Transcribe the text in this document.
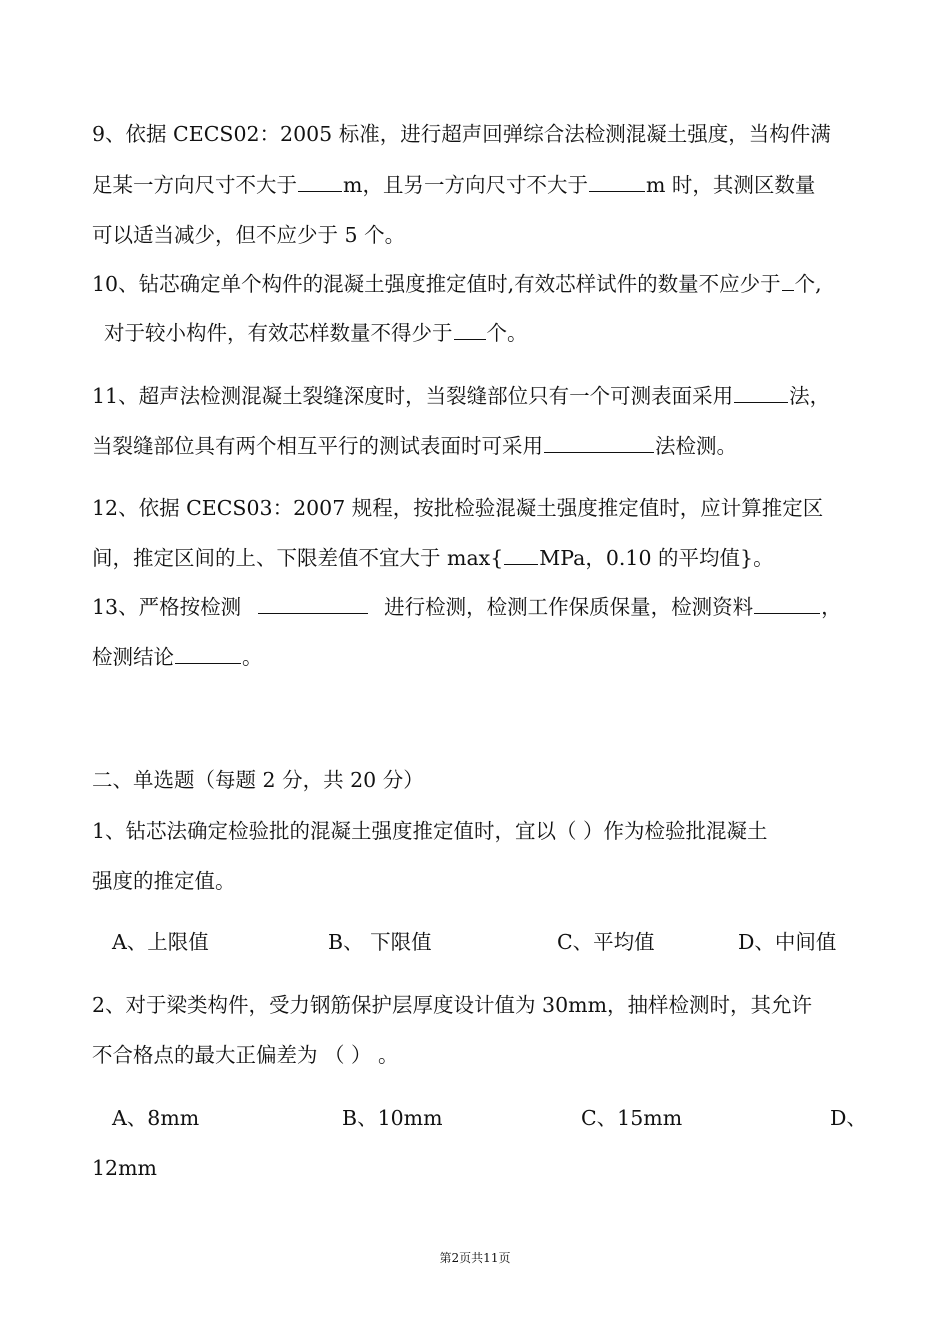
9、依据 CECS02：2005 标准，进行超声回弹综合法检测混凝土强度，当构件满
足某一方向尺寸不大于 m，且另一方向尺寸不大于	m 时，其测区数量
可以适当减少，但不应少于 5 个。
10、钻芯确定单个构件的混凝土强度推定值时,有效芯样试件的数量不应少于 个,
对于较小构件，有效芯样数量不得少于 个。
11、超声法检测混凝土裂缝深度时，当裂缝部位只有一个可测表面采用	法，
当裂缝部位具有两个相互平行的测试表面时可采用	法检测。
12、依据 CECS03：2007 规程，按批检验混凝土强度推定值时，应计算推定区
间，推定区间的上、下限差值不宜大于 max{ MPa，0.10 的平均值}。
13、严格按检测	进行检测，检测工作保质保量，检测资料	，
检测结论	。
二、单选题（每题 2 分，共 20 分）
1、钻芯法确定检验批的混凝土强度推定值时，宜以（ ）作为检验批混凝土
强度的推定值。
A、上限值	B、 下限值	C、平均值	D、中间值
2、对于梁类构件，受力钢筋保护层厚度设计值为 30mm，抽样检测时，其允许
不合格点的最大正偏差为 （ ） 。
A、8mm	B、10mm	C、15mm	D、
12mm
第2页共11页
